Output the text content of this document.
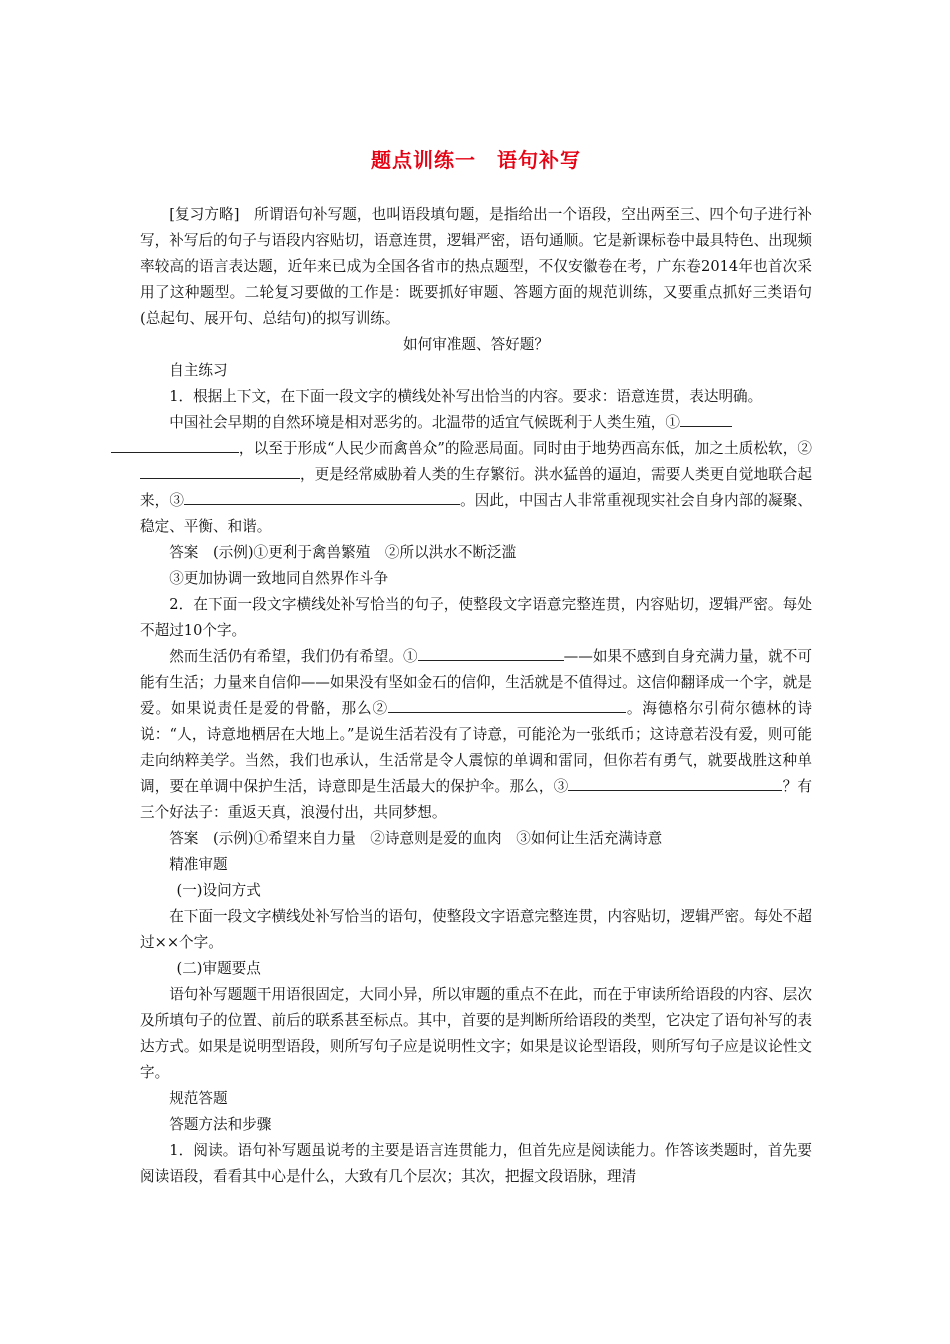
题点训练一　语句补写
[复习方略]　所谓语句补写题，也叫语段填句题，是指给出一个语段，空出两至三、四个句子进行补写，补写后的句子与语段内容贴切，语意连贯，逻辑严密，语句通顺。它是新课标卷中最具特色、出现频率较高的语言表达题，近年来已成为全国各省市的热点题型，不仅安徽卷在考，广东卷2014年也首次采用了这种题型。二轮复习要做的工作是：既要抓好审题、答题方面的规范训练，又要重点抓好三类语句(总起句、展开句、总结句)的拟写训练。
如何审准题、答好题？
自主练习
1．根据上下文，在下面一段文字的横线处补写出恰当的内容。要求：语意连贯，表达明确。
中国社会早期的自然环境是相对恶劣的。北温带的适宜气候既利于人类生殖，①
，以至于形成“人民少而禽兽众”的险恶局面。同时由于地势西高东低，加之土质松软，②，更是经常威胁着人类的生存繁衍。洪水猛兽的逼迫，需要人类更自觉地联合起来，③	。因此，中国古人非常重视现实社会自身内部的凝聚、稳定、平衡、和谐。
答案　(示例)①更利于禽兽繁殖　②所以洪水不断泛滥
③更加协调一致地同自然界作斗争
2．在下面一段文字横线处补写恰当的句子，使整段文字语意完整连贯，内容贴切，逻辑严密。每处不超过10个字。
然而生活仍有希望，我们仍有希望。①	——如果不感到自身充满力量，就不可能有生活；力量来自信仰——如果没有坚如金石的信仰，生活就是不值得过。这信仰翻译成一个字，就是爱。如果说责任是爱的骨骼，那么②	。海德格尔引荷尔德林的诗说：“人，诗意地栖居在大地上。”是说生活若没有了诗意，可能沦为一张纸币；这诗意若没有爱，则可能走向纳粹美学。当然，我们也承认，生活常是令人震惊的单调和雷同，但你若有勇气，就要战胜这种单调，要在单调中保护生活，诗意即是生活最大的保护伞。那么，③	？有三个好法子：重返天真，浪漫付出，共同梦想。
答案　(示例)①希望来自力量　②诗意则是爱的血肉　③如何让生活充满诗意
精准审题
(一)设问方式
在下面一段文字横线处补写恰当的语句，使整段文字语意完整连贯，内容贴切，逻辑严密。每处不超过××个字。
(二)审题要点
语句补写题题干用语很固定，大同小异，所以审题的重点不在此，而在于审读所给语段的内容、层次及所填句子的位置、前后的联系甚至标点。其中，首要的是判断所给语段的类型，它决定了语句补写的表达方式。如果是说明型语段，则所写句子应是说明性文字；如果是议论型语段，则所写句子应是议论性文字。
规范答题
答题方法和步骤
1．阅读。语句补写题虽说考的主要是语言连贯能力，但首先应是阅读能力。作答该类题时，首先要阅读语段，看看其中心是什么，大致有几个层次；其次，把握文段语脉，理清
